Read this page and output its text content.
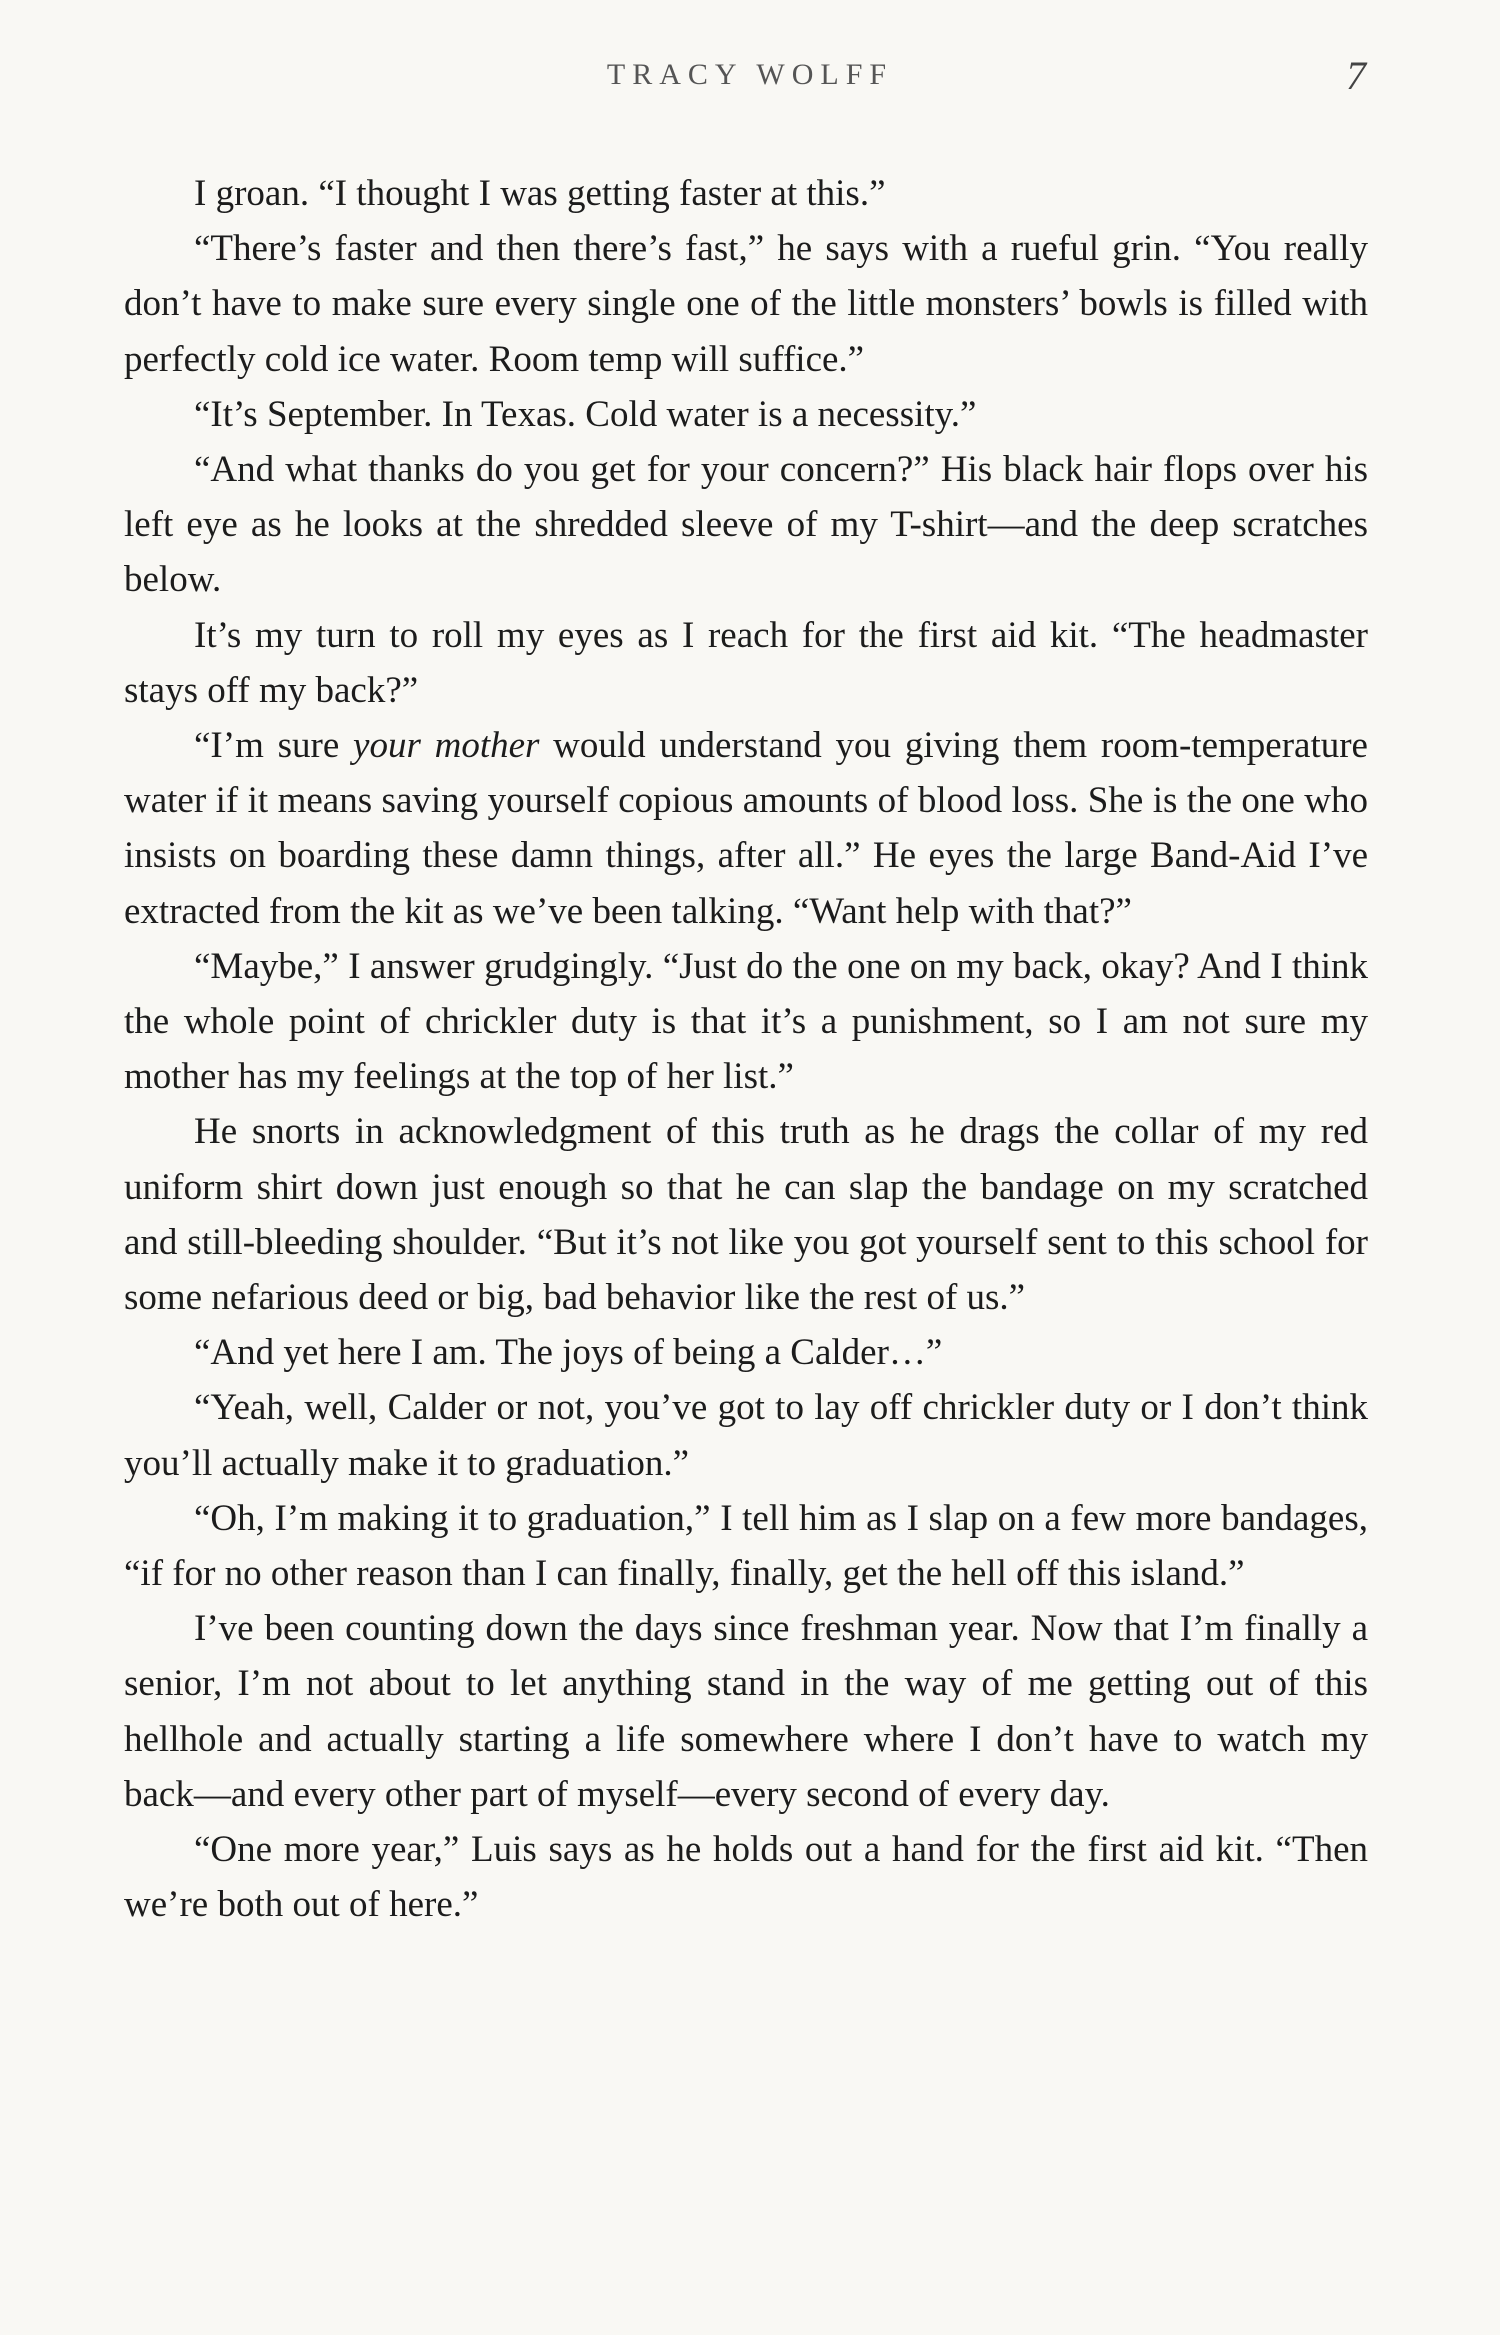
TRACY WOLFF	7

I groan. “I thought I was getting faster at this.”

“There’s faster and then there’s fast,” he says with a rueful grin. “You really don’t have to make sure every single one of the little monsters’ bowls is filled with perfectly cold ice water. Room temp will suffice.”

“It’s September. In Texas. Cold water is a necessity.”

“And what thanks do you get for your concern?” His black hair flops over his left eye as he looks at the shredded sleeve of my T-shirt—and the deep scratches below.

It’s my turn to roll my eyes as I reach for the first aid kit. “The headmaster stays off my back?”

“I’m sure your mother would understand you giving them room-temperature water if it means saving yourself copious amounts of blood loss. She is the one who insists on boarding these damn things, after all.” He eyes the large Band-Aid I’ve extracted from the kit as we’ve been talking. “Want help with that?”

“Maybe,” I answer grudgingly. “Just do the one on my back, okay? And I think the whole point of chrickler duty is that it’s a punishment, so I am not sure my mother has my feelings at the top of her list.”

He snorts in acknowledgment of this truth as he drags the collar of my red uniform shirt down just enough so that he can slap the bandage on my scratched and still-bleeding shoulder. “But it’s not like you got yourself sent to this school for some nefarious deed or big, bad behavior like the rest of us.”

“And yet here I am. The joys of being a Calder…”

“Yeah, well, Calder or not, you’ve got to lay off chrickler duty or I don’t think you’ll actually make it to graduation.”

“Oh, I’m making it to graduation,” I tell him as I slap on a few more bandages, “if for no other reason than I can finally, finally, get the hell off this island.”

I’ve been counting down the days since freshman year. Now that I’m finally a senior, I’m not about to let anything stand in the way of me getting out of this hellhole and actually starting a life somewhere where I don’t have to watch my back—and every other part of myself—every second of every day.

“One more year,” Luis says as he holds out a hand for the first aid kit. “Then we’re both out of here.”
